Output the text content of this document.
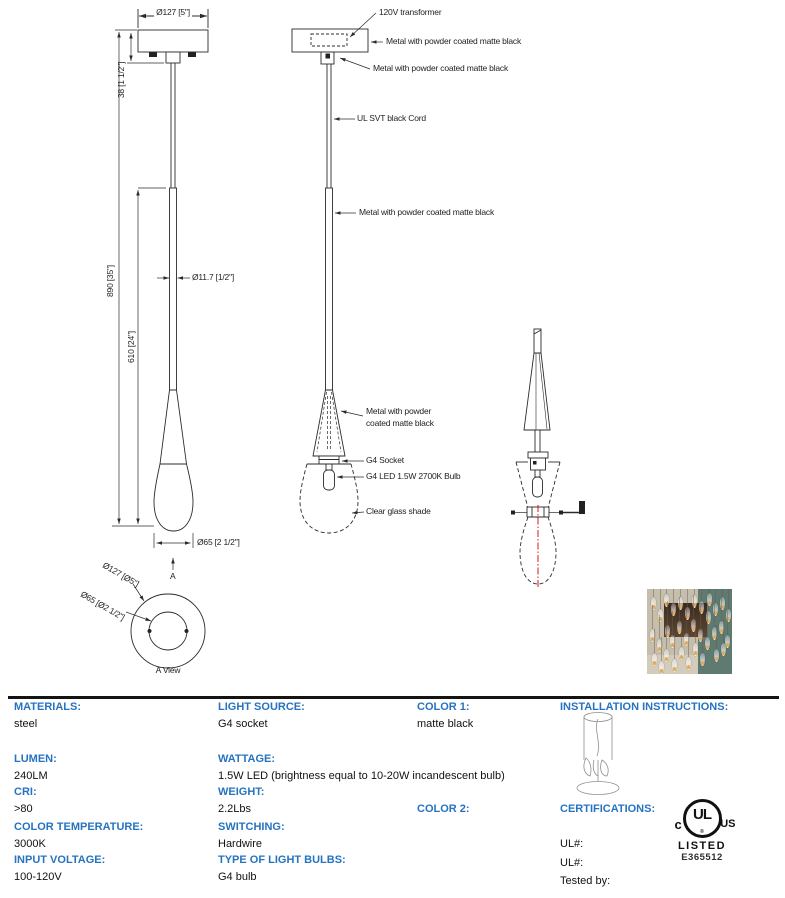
Ø127 [5"]
38 [1 1/2"]
890 [35"]
610 [24"]
Ø11.7 [1/2"]
Ø65 [2 1/2"]
A
Ø127 [Ø5"]
Ø65 [Ø2 1/2"]
A View
120V transformer
Metal with powder coated matte black
Metal with powder coated matte black
UL SVT black Cord
Metal with powder coated matte black
Metal with powder
coated matte black
G4 Socket
G4 LED 1.5W 2700K Bulb
Clear glass shade
MATERIALS:
steel
LIGHT SOURCE:
G4 socket
COLOR 1:
matte black
INSTALLATION INSTRUCTIONS:
LUMEN:
240LM
WATTAGE:
1.5W LED (brightness equal to 10-20W incandescent bulb)
CRI:
>80
WEIGHT:
2.2Lbs	COLOR 2:	CERTIFICATIONS:
COLOR TEMPERATURE:
3000K
SWITCHING:
Hardwire	UL#:
INPUT VOLTAGE:
100-120V
TYPE OF LIGHT BULBS:
G4 bulb
UL#:
Tested by:
UL
®
c	US
LISTED
E365512
